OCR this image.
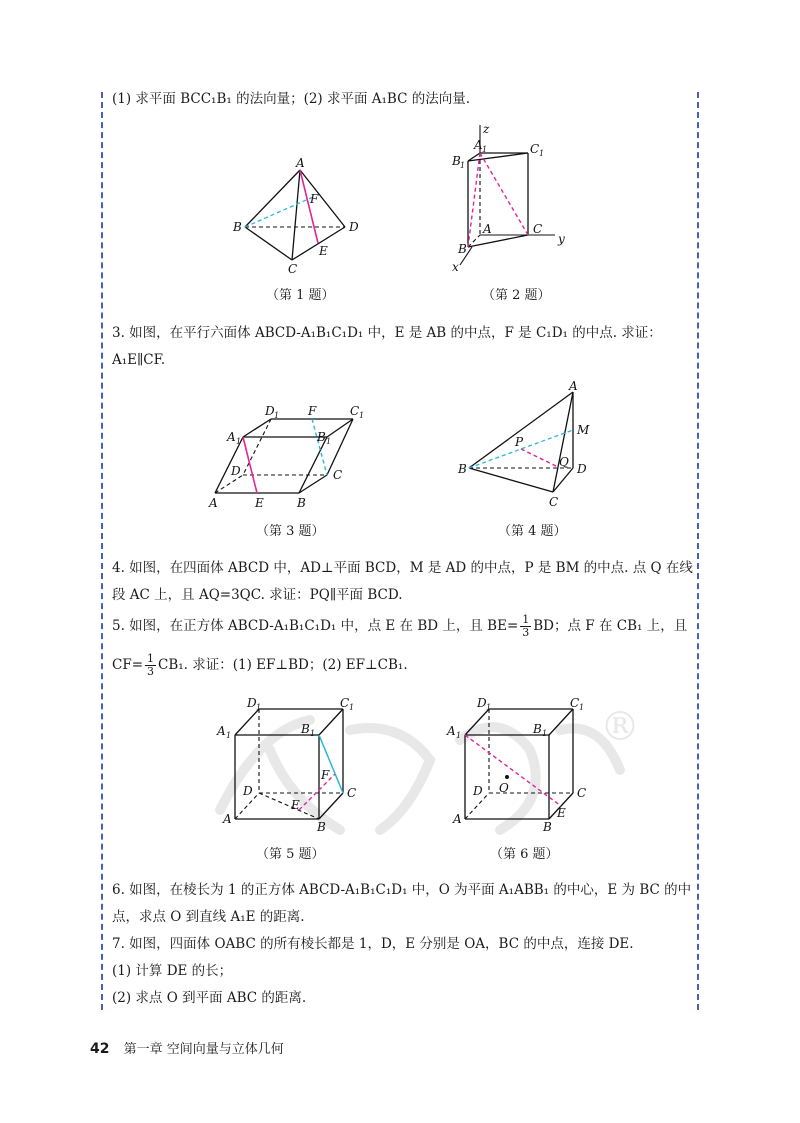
®
(1) 求平面 BCC₁B₁ 的法向量；(2) 求平面 A₁BC 的法向量.
A
B
C
D
E
F
（第 1 题）
z
y
x
A 1
B 1
C 1
A
B
C
（第 2 题）
3. 如图，在平行六面体 ABCD-A₁B₁C₁D₁ 中，E 是 AB 的中点，F 是 C₁D₁ 的中点. 求证：
A₁E∥CF.
A	E	B
C
D
D 1 F	C 1
A 1	B 1
（第 3 题）
A
B
C
D
M
P
Q
（第 4 题）
4. 如图，在四面体 ABCD 中，AD⊥平面 BCD，M 是 AD 的中点，P 是 BM 的中点. 点 Q 在线
段 AC 上，且 AQ=3QC. 求证：PQ∥平面 BCD.
5. 如图，在正方体 ABCD-A₁B₁C₁D₁ 中，点 E 在 BD 上，且 $BE= \frac{1}{3}$ BD；点 F 在 CB₁ 上，且
$CF= \frac{1}{3} CB_1$. 求证：(1) EF⊥BD；(2) EF⊥CB₁.
A
B
C
D
E
F
A 1	B 1
C 1
D 1
（第 5 题）
A
B
C
D
E
O
A 1	B 1
C 1
D 1
（第 6 题）
6. 如图，在棱长为 1 的正方体 ABCD-A₁B₁C₁D₁ 中，O 为平面 A₁ABB₁ 的中心，E 为 BC 的中
点，求点 O 到直线 A₁E 的距离.
7. 如图，四面体 OABC 的所有棱长都是 1，D，E 分别是 OA，BC 的中点，连接 DE.
(1) 计算 DE 的长；
(2) 求点 O 到平面 ABC 的距离.
42 第一章 空间向量与立体几何
